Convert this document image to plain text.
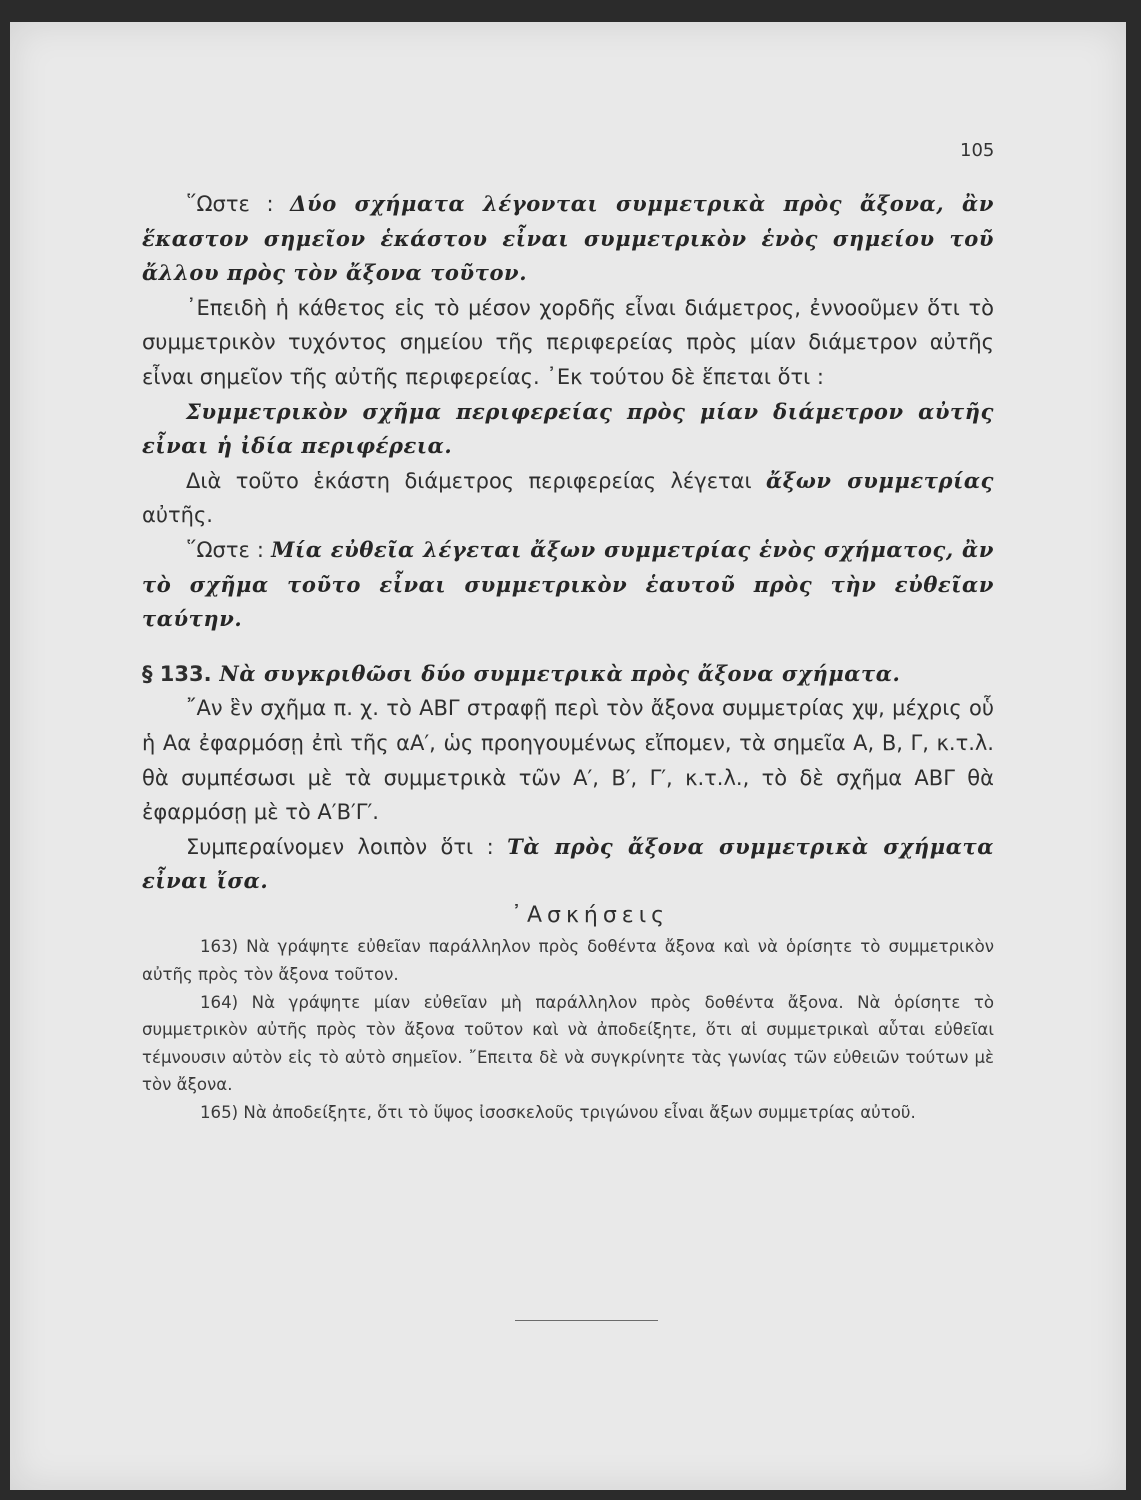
105

῞Ωστε : Δύο σχήματα λέγονται συμμετρικὰ πρὸς ἄξονα, ἂν ἕκαστον σημεῖον ἑκάστου εἶναι συμμετρικὸν ἑνὸς σημείου τοῦ ἄλλου πρὸς τὸν ἄξονα τοῦτον.

᾿Επειδὴ ἡ κάθετος εἰς τὸ μέσον χορδῆς εἶναι διάμετρος, ἐννοοῦμεν ὅτι τὸ συμμετρικὸν τυχόντος σημείου τῆς περιφερείας πρὸς μίαν διάμετρον αὐτῆς εἶναι σημεῖον τῆς αὐτῆς περιφερείας. ᾿Εκ τούτου δὲ ἕπεται ὅτι :

Συμμετρικὸν σχῆμα περιφερείας πρὸς μίαν διάμετρον αὐτῆς εἶναι ἡ ἰδία περιφέρεια.

Διὰ τοῦτο ἑκάστη διάμετρος περιφερείας λέγεται ἄξων συμμετρίας αὐτῆς.

῞Ωστε : Μία εὐθεῖα λέγεται ἄξων συμμετρίας ἑνὸς σχήματος, ἂν τὸ σχῆμα τοῦτο εἶναι συμμετρικὸν ἑαυτοῦ πρὸς τὴν εὐθεῖαν ταύτην.

§ 133. Νὰ συγκριθῶσι δύο συμμετρικὰ πρὸς ἄξονα σχήματα.

῎Αν ἓν σχῆμα π. χ. τὸ ΑΒΓ στραφῇ περὶ τὸν ἄξονα συμμετρίας χψ, μέχρις οὗ ἡ Αα ἐφαρμόσῃ ἐπὶ τῆς αΑ′, ὡς προηγουμένως εἴπομεν, τὰ σημεῖα Α, Β, Γ, κ.τ.λ. θὰ συμπέσωσι μὲ τὰ συμμετρικὰ τῶν Α′, Β′, Γ′, κ.τ.λ., τὸ δὲ σχῆμα ΑΒΓ θὰ ἐφαρμόσῃ μὲ τὸ Α′Β′Γ′.

Συμπεραίνομεν λοιπὸν ὅτι : Τὰ πρὸς ἄξονα συμμετρικὰ σχήματα εἶναι ἴσα.

᾿Ασκήσεις

163) Νὰ γράψητε εὐθεῖαν παράλληλον πρὸς δοθέντα ἄξονα καὶ νὰ ὁρίσητε τὸ συμμετρικὸν αὐτῆς πρὸς τὸν ἄξονα τοῦτον.

164) Νὰ γράψητε μίαν εὐθεῖαν μὴ παράλληλον πρὸς δοθέντα ἄξονα. Νὰ ὁρίσητε τὸ συμμετρικὸν αὐτῆς πρὸς τὸν ἄξονα τοῦτον καὶ νὰ ἀποδείξητε, ὅτι αἱ συμμετρικαὶ αὗται εὐθεῖαι τέμνουσιν αὐτὸν εἰς τὸ αὐτὸ σημεῖον. ῎Επειτα δὲ νὰ συγκρίνητε τὰς γωνίας τῶν εὐθειῶν τούτων μὲ τὸν ἄξονα.

165) Νὰ ἀποδείξητε, ὅτι τὸ ὕψος ἰσοσκελοῦς τριγώνου εἶναι ἄξων συμμετρίας αὐτοῦ.
